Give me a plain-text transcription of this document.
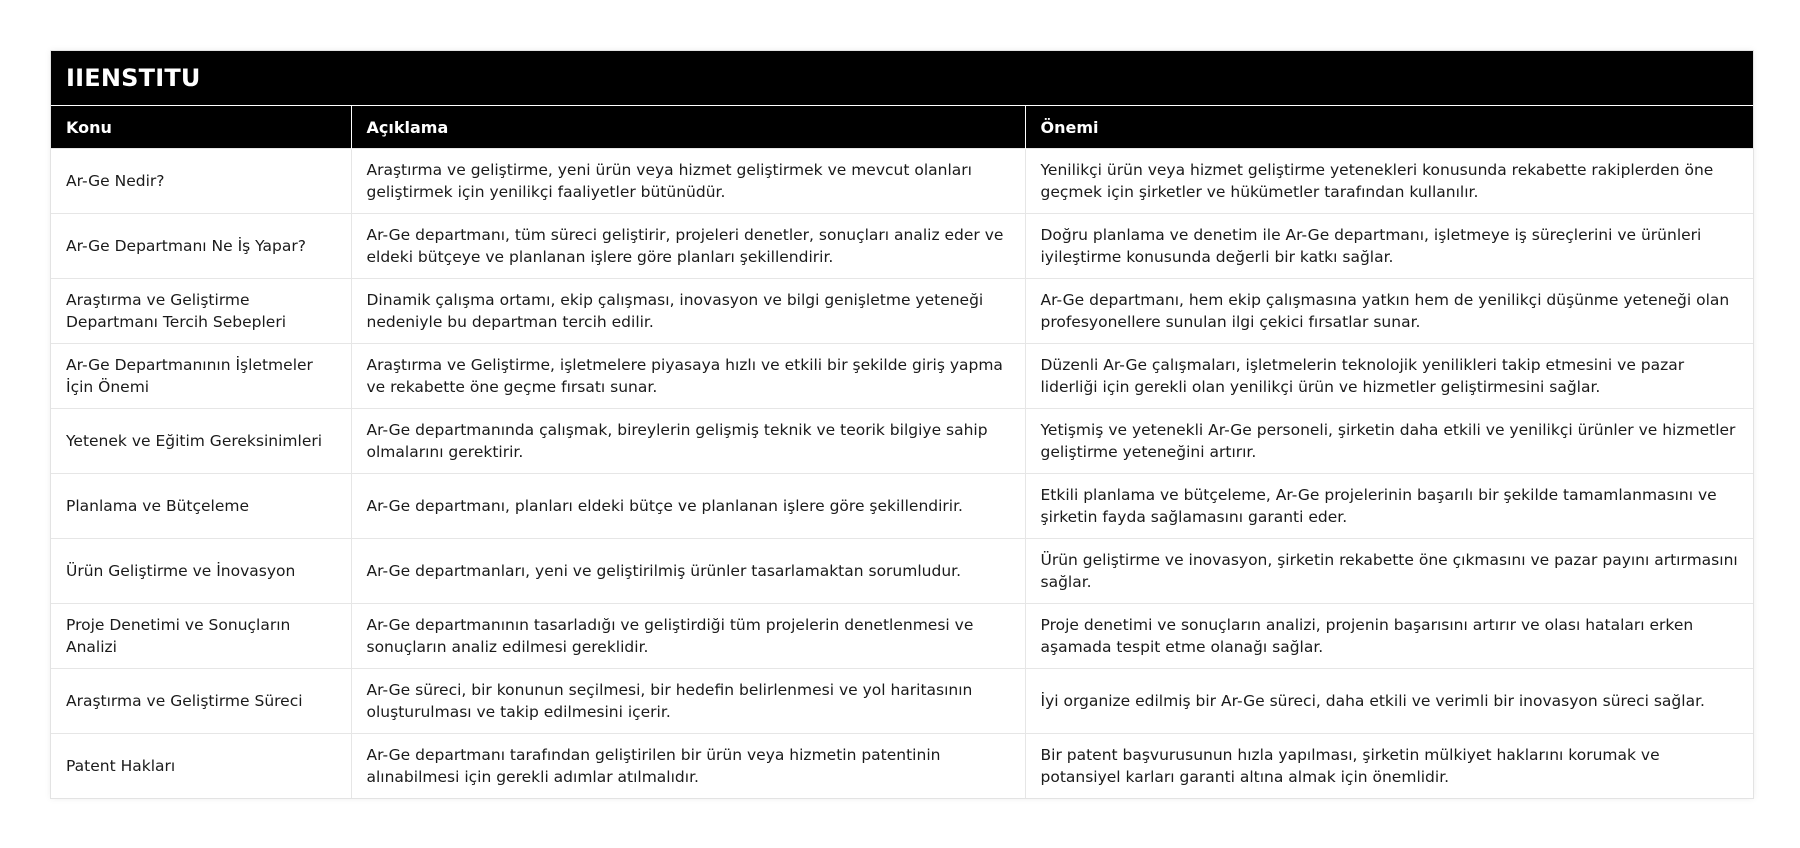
IIENSTITU
Konu	Açıklama	Önemi
Ar-Ge Nedir?	Araştırma ve geliştirme, yeni ürün veya hizmet geliştirmek ve mevcut olanları geliştirmek için yenilikçi faaliyetler bütünüdür.	Yenilikçi ürün veya hizmet geliştirme yetenekleri konusunda rekabette rakiplerden öne geçmek için şirketler ve hükümetler tarafından kullanılır.
Ar-Ge Departmanı Ne İş Yapar?	Ar-Ge departmanı, tüm süreci geliştirir, projeleri denetler, sonuçları analiz eder ve eldeki bütçeye ve planlanan işlere göre planları şekillendirir.	Doğru planlama ve denetim ile Ar-Ge departmanı, işletmeye iş süreçlerini ve ürünleri iyileştirme konusunda değerli bir katkı sağlar.
Araştırma ve Geliştirme Departmanı Tercih Sebepleri	Dinamik çalışma ortamı, ekip çalışması, inovasyon ve bilgi genişletme yeteneği nedeniyle bu departman tercih edilir.	Ar-Ge departmanı, hem ekip çalışmasına yatkın hem de yenilikçi düşünme yeteneği olan profesyonellere sunulan ilgi çekici fırsatlar sunar.
Ar-Ge Departmanının İşletmeler İçin Önemi	Araştırma ve Geliştirme, işletmelere piyasaya hızlı ve etkili bir şekilde giriş yapma ve rekabette öne geçme fırsatı sunar.	Düzenli Ar-Ge çalışmaları, işletmelerin teknolojik yenilikleri takip etmesini ve pazar liderliği için gerekli olan yenilikçi ürün ve hizmetler geliştirmesini sağlar.
Yetenek ve Eğitim Gereksinimleri	Ar-Ge departmanında çalışmak, bireylerin gelişmiş teknik ve teorik bilgiye sahip olmalarını gerektirir.	Yetişmiş ve yetenekli Ar-Ge personeli, şirketin daha etkili ve yenilikçi ürünler ve hizmetler geliştirme yeteneğini artırır.
Planlama ve Bütçeleme	Ar-Ge departmanı, planları eldeki bütçe ve planlanan işlere göre şekillendirir.	Etkili planlama ve bütçeleme, Ar-Ge projelerinin başarılı bir şekilde tamamlanmasını ve şirketin fayda sağlamasını garanti eder.
Ürün Geliştirme ve İnovasyon	Ar-Ge departmanları, yeni ve geliştirilmiş ürünler tasarlamaktan sorumludur.	Ürün geliştirme ve inovasyon, şirketin rekabette öne çıkmasını ve pazar payını artırmasını sağlar.
Proje Denetimi ve Sonuçların Analizi	Ar-Ge departmanının tasarladığı ve geliştirdiği tüm projelerin denetlenmesi ve sonuçların analiz edilmesi gereklidir.	Proje denetimi ve sonuçların analizi, projenin başarısını artırır ve olası hataları erken aşamada tespit etme olanağı sağlar.
Araştırma ve Geliştirme Süreci	Ar-Ge süreci, bir konunun seçilmesi, bir hedefin belirlenmesi ve yol haritasının oluşturulması ve takip edilmesini içerir.	İyi organize edilmiş bir Ar-Ge süreci, daha etkili ve verimli bir inovasyon süreci sağlar.
Patent Hakları	Ar-Ge departmanı tarafından geliştirilen bir ürün veya hizmetin patentinin alınabilmesi için gerekli adımlar atılmalıdır.	Bir patent başvurusunun hızla yapılması, şirketin mülkiyet haklarını korumak ve potansiyel karları garanti altına almak için önemlidir.
